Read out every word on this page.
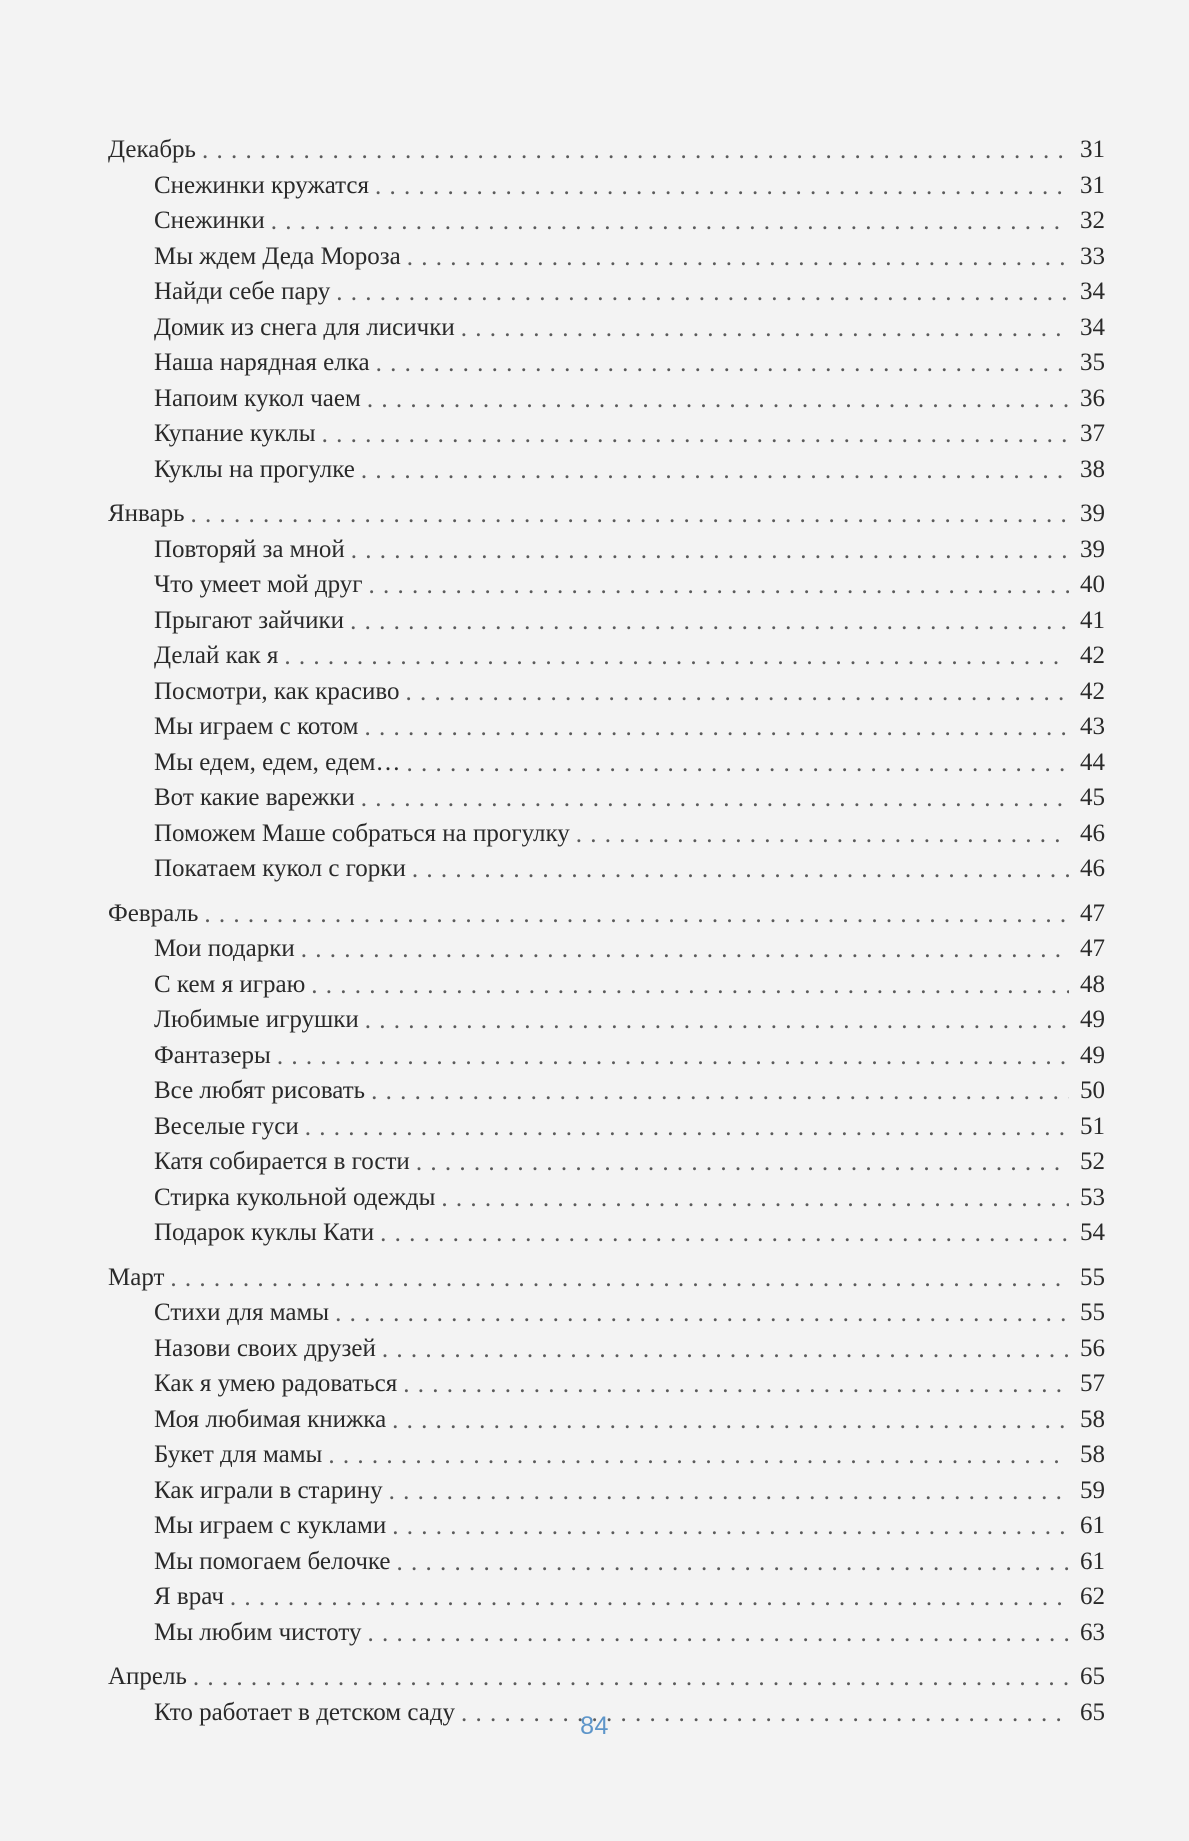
Декабрь . . .	31
Снежинки кружатся . . .	31
Снежинки . . .	32
Мы ждем Деда Мороза . . .	33
Найди себе пару . . .	34
Домик из снега для лисички . . .	34
Наша нарядная елка . . .	35
Напоим кукол чаем . . .	36
Купание куклы . . .	37
Куклы на прогулке . . .	38
Январь . . .	39
Повторяй за мной . . .	39
Что умеет мой друг . . .	40
Прыгают зайчики . . .	41
Делай как я . . .	42
Посмотри, как красиво . . .	42
Мы играем с котом . . .	43
Мы едем, едем, едем… . . .	44
Вот какие варежки . . .	45
Поможем Маше собраться на прогулку . . .	46
Покатаем кукол с горки . . .	46
Февраль . . .	47
Мои подарки . . .	47
С кем я играю . . .	48
Любимые игрушки . . .	49
Фантазеры . . .	49
Все любят рисовать . . .	50
Веселые гуси . . .	51
Катя собирается в гости . . .	52
Стирка кукольной одежды . . .	53
Подарок куклы Кати . . .	54
Март . . .	55
Стихи для мамы . . .	55
Назови своих друзей . . .	56
Как я умею радоваться . . .	57
Моя любимая книжка . . .	58
Букет для мамы . . .	58
Как играли в старину . . .	59
Мы играем с куклами . . .	61
Мы помогаем белочке . . .	61
Я врач . . .	62
Мы любим чистоту . . .	63
Апрель . . .	65
Кто работает в детском саду . . .	65
84
